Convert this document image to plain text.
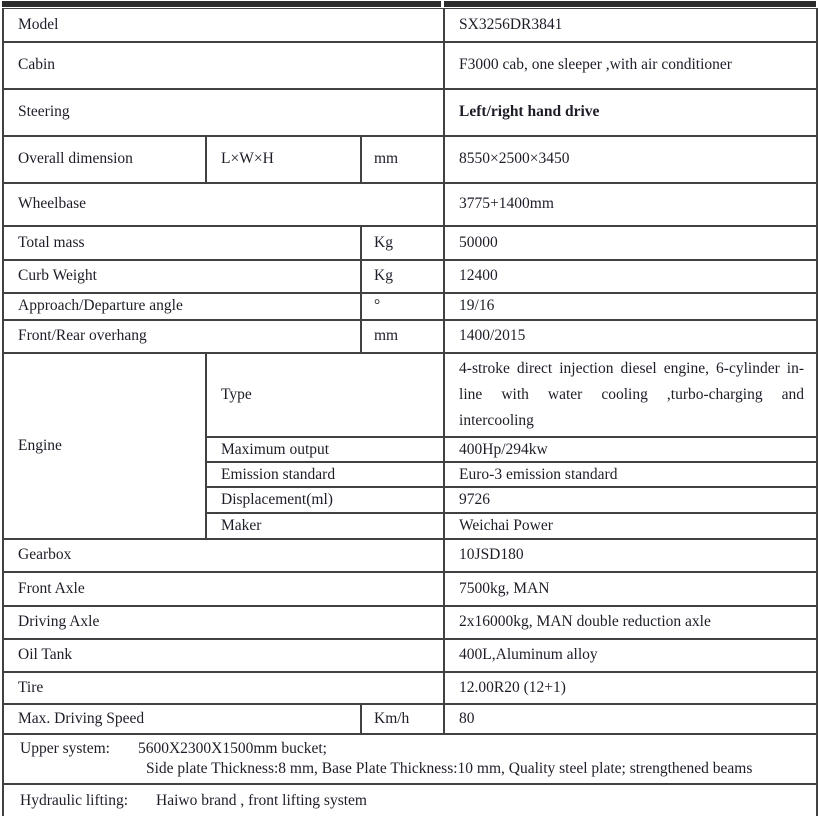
Model			SX3256DR3841
Cabin			F3000 cab, one sleeper ,with air conditioner
Steering			Left/right hand drive
Overall dimension	L×W×H	mm	8550×2500×3450
Wheelbase			3775+1400mm
Total mass		Kg	50000
Curb Weight		Kg	12400
Approach/Departure angle		°	19/16
Front/Rear overhang		mm	1400/2015
Engine	Type		4-stroke direct injection diesel engine, 6-cylinder in-line with water cooling ,turbo-charging and intercooling
	Maximum output		400Hp/294kw
	Emission standard		Euro-3 emission standard
	Displacement(ml)		9726
	Maker		Weichai Power
Gearbox			10JSD180
Front Axle			7500kg, MAN
Driving Axle			2x16000kg, MAN double reduction axle
Oil Tank			400L,Aluminum alloy
Tire			12.00R20 (12+1)
Max. Driving Speed		Km/h	80

Upper system: 5600X2300X1500mm bucket;
Side plate Thickness:8 mm, Base Plate Thickness:10 mm, Quality steel plate; strengthened beams			

Hydraulic lifting: Haiwo brand , front lifting system			
